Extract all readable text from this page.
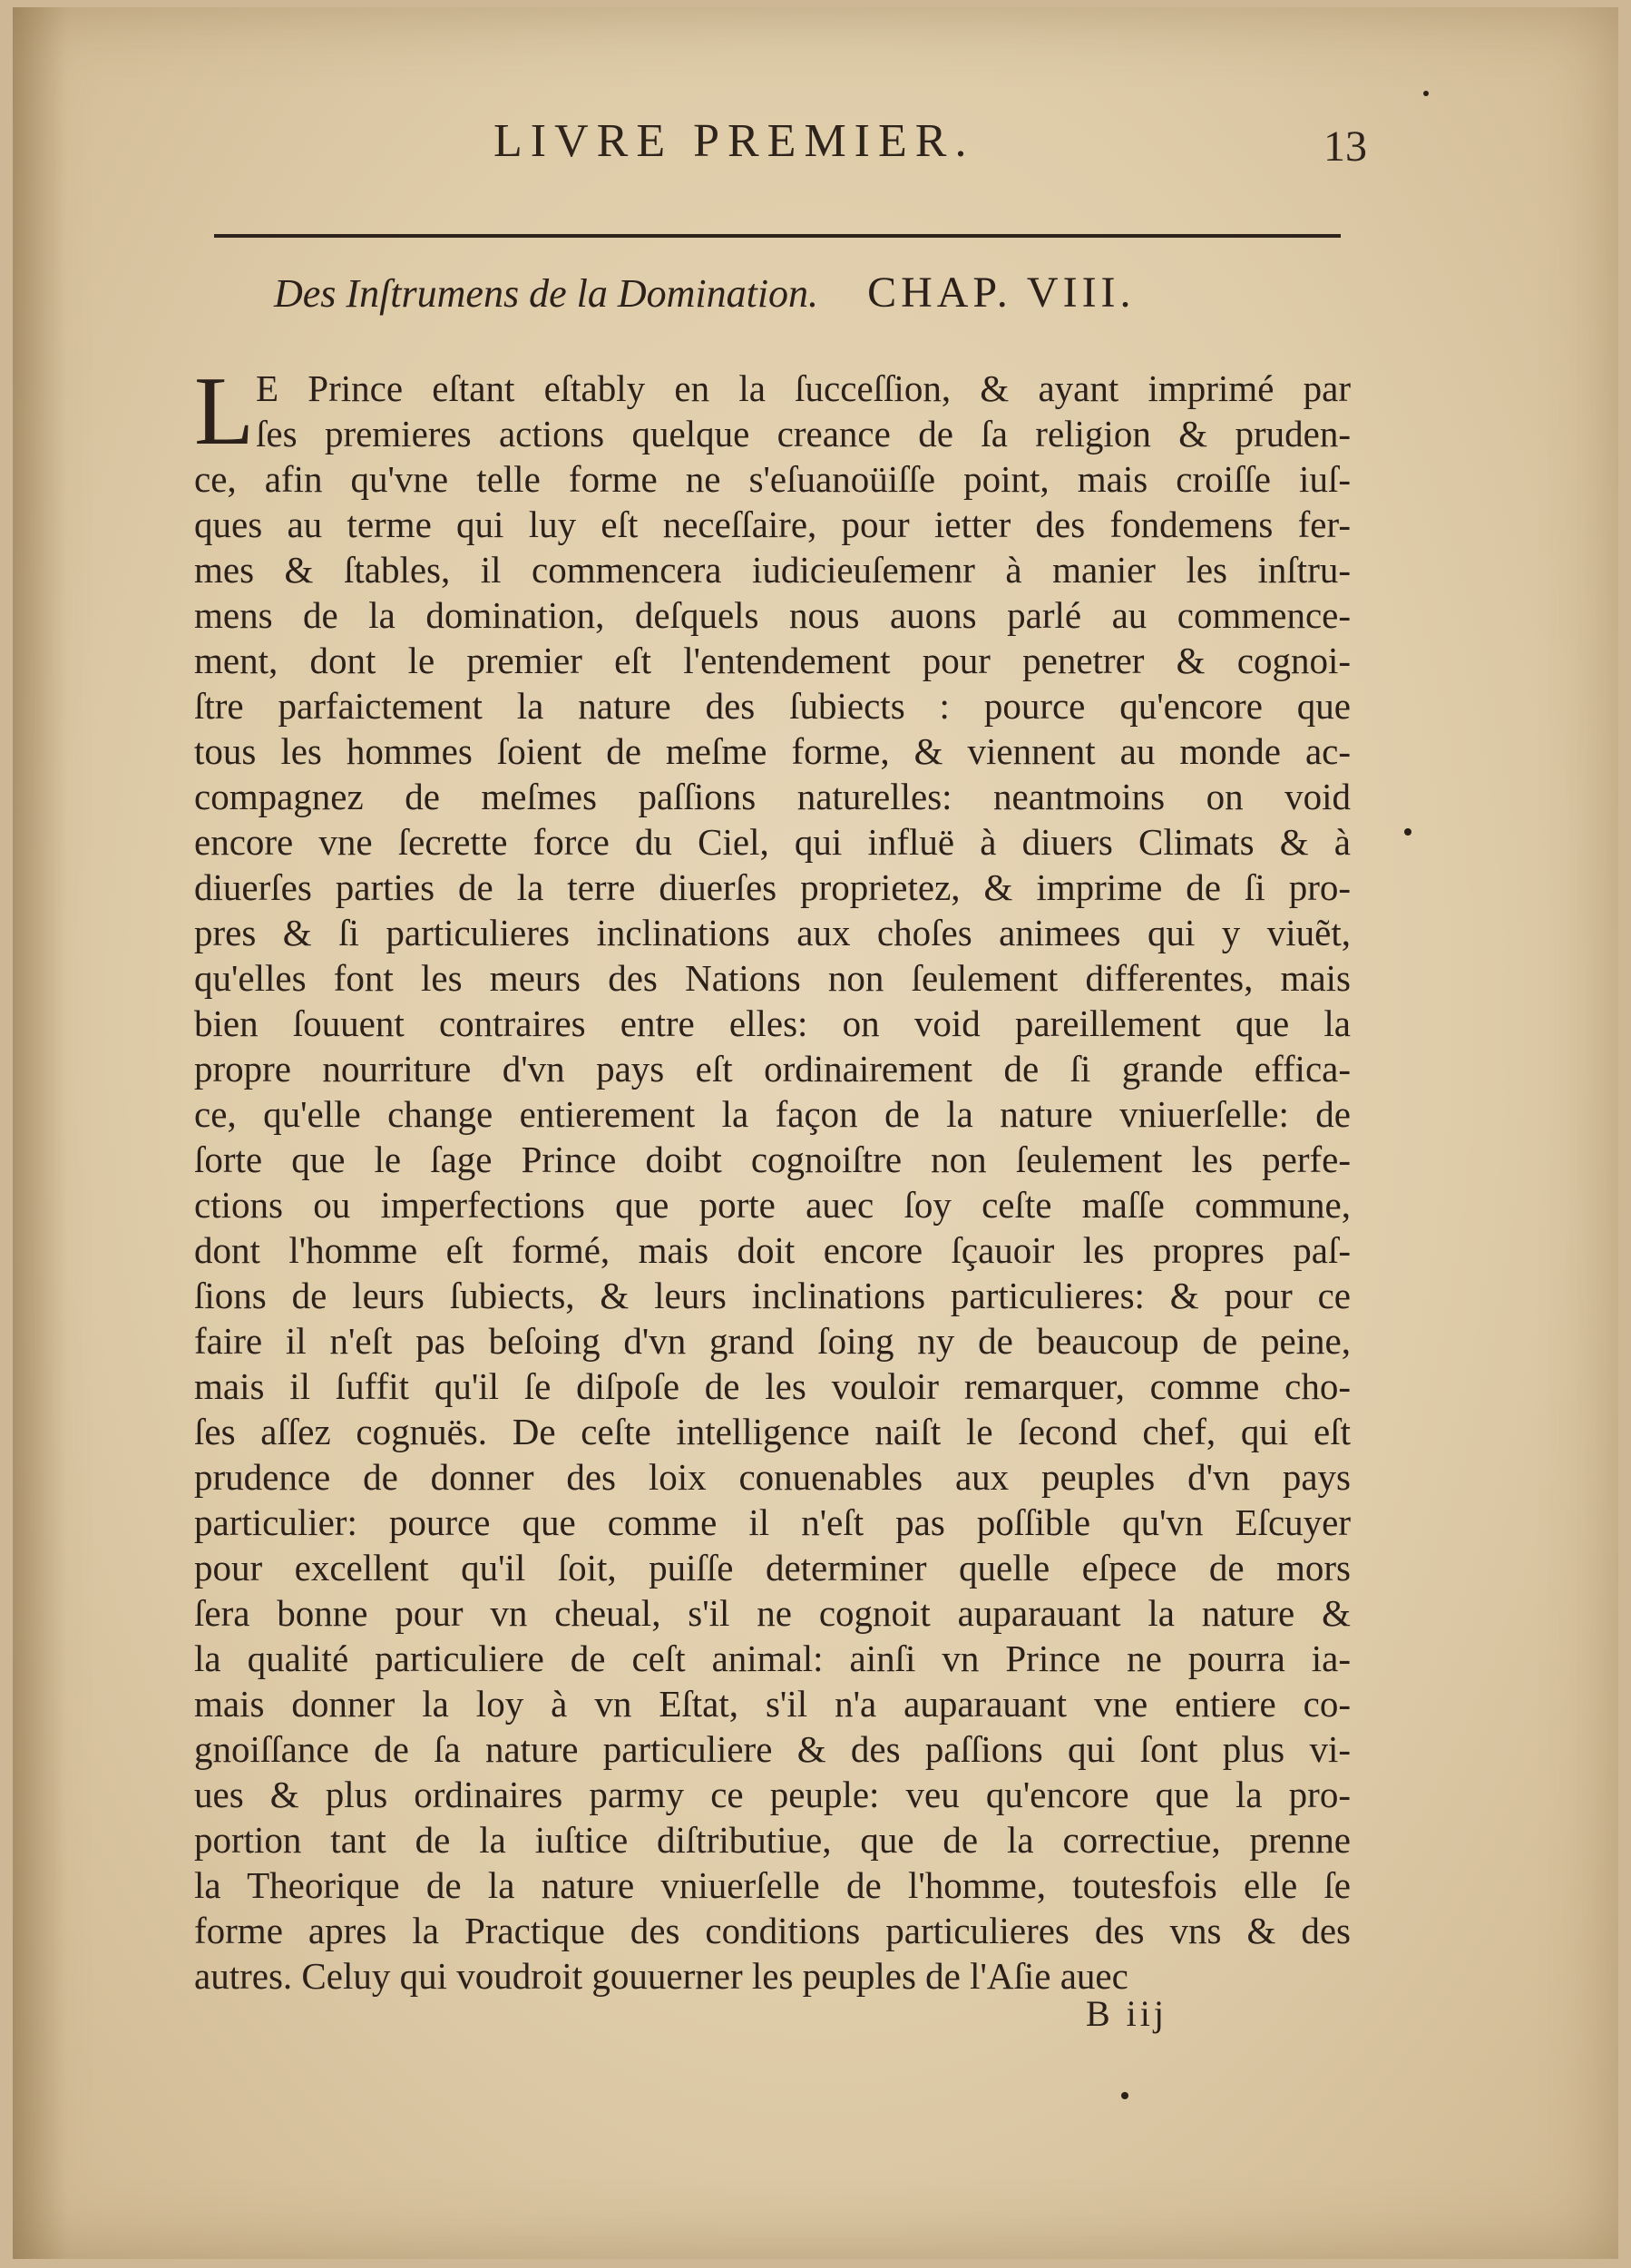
LIVRE PREMIER.	13
Des Inſtrumens de la Domination. CHAP. VIII.
L E Prince eſtant eſtably en la ſucceſſion, & ayant imprimé par
ſes premieres actions quelque creance de ſa religion & pruden-
ce, afin qu'vne telle forme ne s'eſuanoüiſſe point, mais croiſſe iuſ-
ques au terme qui luy eſt neceſſaire, pour ietter des fondemens fer-
mes & ſtables, il commencera iudicieuſemenr à manier les inſtru-
mens de la domination, deſquels nous auons parlé au commence-
ment, dont le premier eſt l'entendement pour penetrer & cognoi-
ſtre parfaictement la nature des ſubiects : pource qu'encore que
tous les hommes ſoient de meſme forme, & viennent au monde ac-
compagnez de meſmes paſſions naturelles: neantmoins on void
encore vne ſecrette force du Ciel, qui influë à diuers Climats & à
diuerſes parties de la terre diuerſes proprietez, & imprime de ſi pro-
pres & ſi particulieres inclinations aux choſes animees qui y viuẽt,
qu'elles font les meurs des Nations non ſeulement differentes, mais
bien ſouuent contraires entre elles: on void pareillement que la
propre nourriture d'vn pays eſt ordinairement de ſi grande effica-
ce, qu'elle change entierement la façon de la nature vniuerſelle: de
ſorte que le ſage Prince doibt cognoiſtre non ſeulement les perfe-
ctions ou imperfections que porte auec ſoy ceſte maſſe commune,
dont l'homme eſt formé, mais doit encore ſçauoir les propres paſ-
ſions de leurs ſubiects, & leurs inclinations particulieres: & pour ce
faire il n'eſt pas beſoing d'vn grand ſoing ny de beaucoup de peine,
mais il ſuffit qu'il ſe diſpoſe de les vouloir remarquer, comme cho-
ſes aſſez cognuës. De ceſte intelligence naiſt le ſecond chef, qui eſt
prudence de donner des loix conuenables aux peuples d'vn pays
particulier: pource que comme il n'eſt pas poſſible qu'vn Eſcuyer
pour excellent qu'il ſoit, puiſſe determiner quelle eſpece de mors
ſera bonne pour vn cheual, s'il ne cognoit auparauant la nature &
la qualité particuliere de ceſt animal: ainſi vn Prince ne pourra ia-
mais donner la loy à vn Eſtat, s'il n'a auparauant vne entiere co-
gnoiſſance de ſa nature particuliere & des paſſions qui ſont plus vi-
ues & plus ordinaires parmy ce peuple: veu qu'encore que la pro-
portion tant de la iuſtice diſtributiue, que de la correctiue, prenne
la Theorique de la nature vniuerſelle de l'homme, toutesfois elle ſe
forme apres la Practique des conditions particulieres des vns & des
autres. Celuy qui voudroit gouuerner les peuples de l'Aſie auec
B iij
